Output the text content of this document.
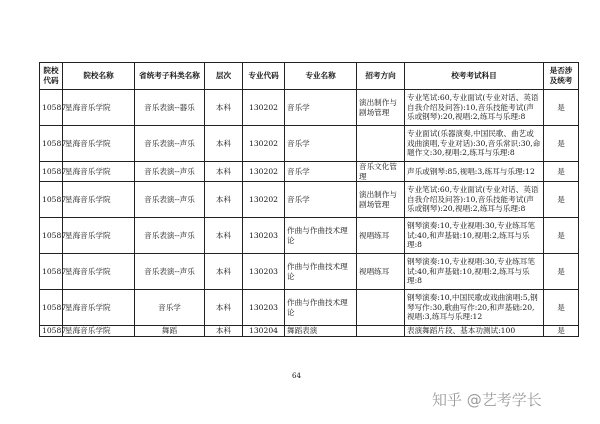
院校代码	院校名称	省统考子科类名称	层次	专业代码	专业名称	招考方向	校考考试科目	是否涉及统考
10587	星海音乐学院	音乐表演--器乐	本科	130202	音乐学	演出制作与剧场管理	专业笔试:60,专业面试(专业对话、英语自我介绍及问答):10,音乐技能考试(声乐或钢琴):20,视唱:2,练耳与乐理:8	是
10587	星海音乐学院	音乐表演--声乐	本科	130202	音乐学		专业面试(乐器演奏,中国民歌、曲艺或戏曲演唱,专业对话):30,音乐常识:30,命题作文:30,视唱:2,练耳与乐理:8	是
10587	星海音乐学院	音乐表演--声乐	本科	130202	音乐学	音乐文化管理	声乐或钢琴:85,视唱:3,练耳与乐理:12	是
10587	星海音乐学院	音乐表演--声乐	本科	130202	音乐学	演出制作与剧场管理	专业笔试:60,专业面试(专业对话、英语自我介绍及问答):10,音乐技能考试(声乐或钢琴):20,视唱:2,练耳与乐理:8	是
10587	星海音乐学院	音乐表演--声乐	本科	130203	作曲与作曲技术理论	视唱练耳	钢琴演奏:10,专业视唱:30,专业练耳笔试:40,和声基础:10,视唱:2,练耳与乐理:8	是
10587	星海音乐学院	音乐表演--声乐	本科	130203	作曲与作曲技术理论	视唱练耳	钢琴演奏:10,专业视唱:30,专业练耳笔试:40,和声基础:10,视唱:2,练耳与乐理:8	是
10587	星海音乐学院	音乐学	本科	130203	作曲与作曲技术理论		钢琴演奏:10,中国民歌或戏曲演唱:5,钢琴写作:30,歌曲写作:20,和声基础:20,视唱:3,练耳与乐理:12	是
10587	星海音乐学院	舞蹈	本科	130204	舞蹈表演		表演舞蹈片段、基本功测试:100	是
64
知乎 @艺考学长
